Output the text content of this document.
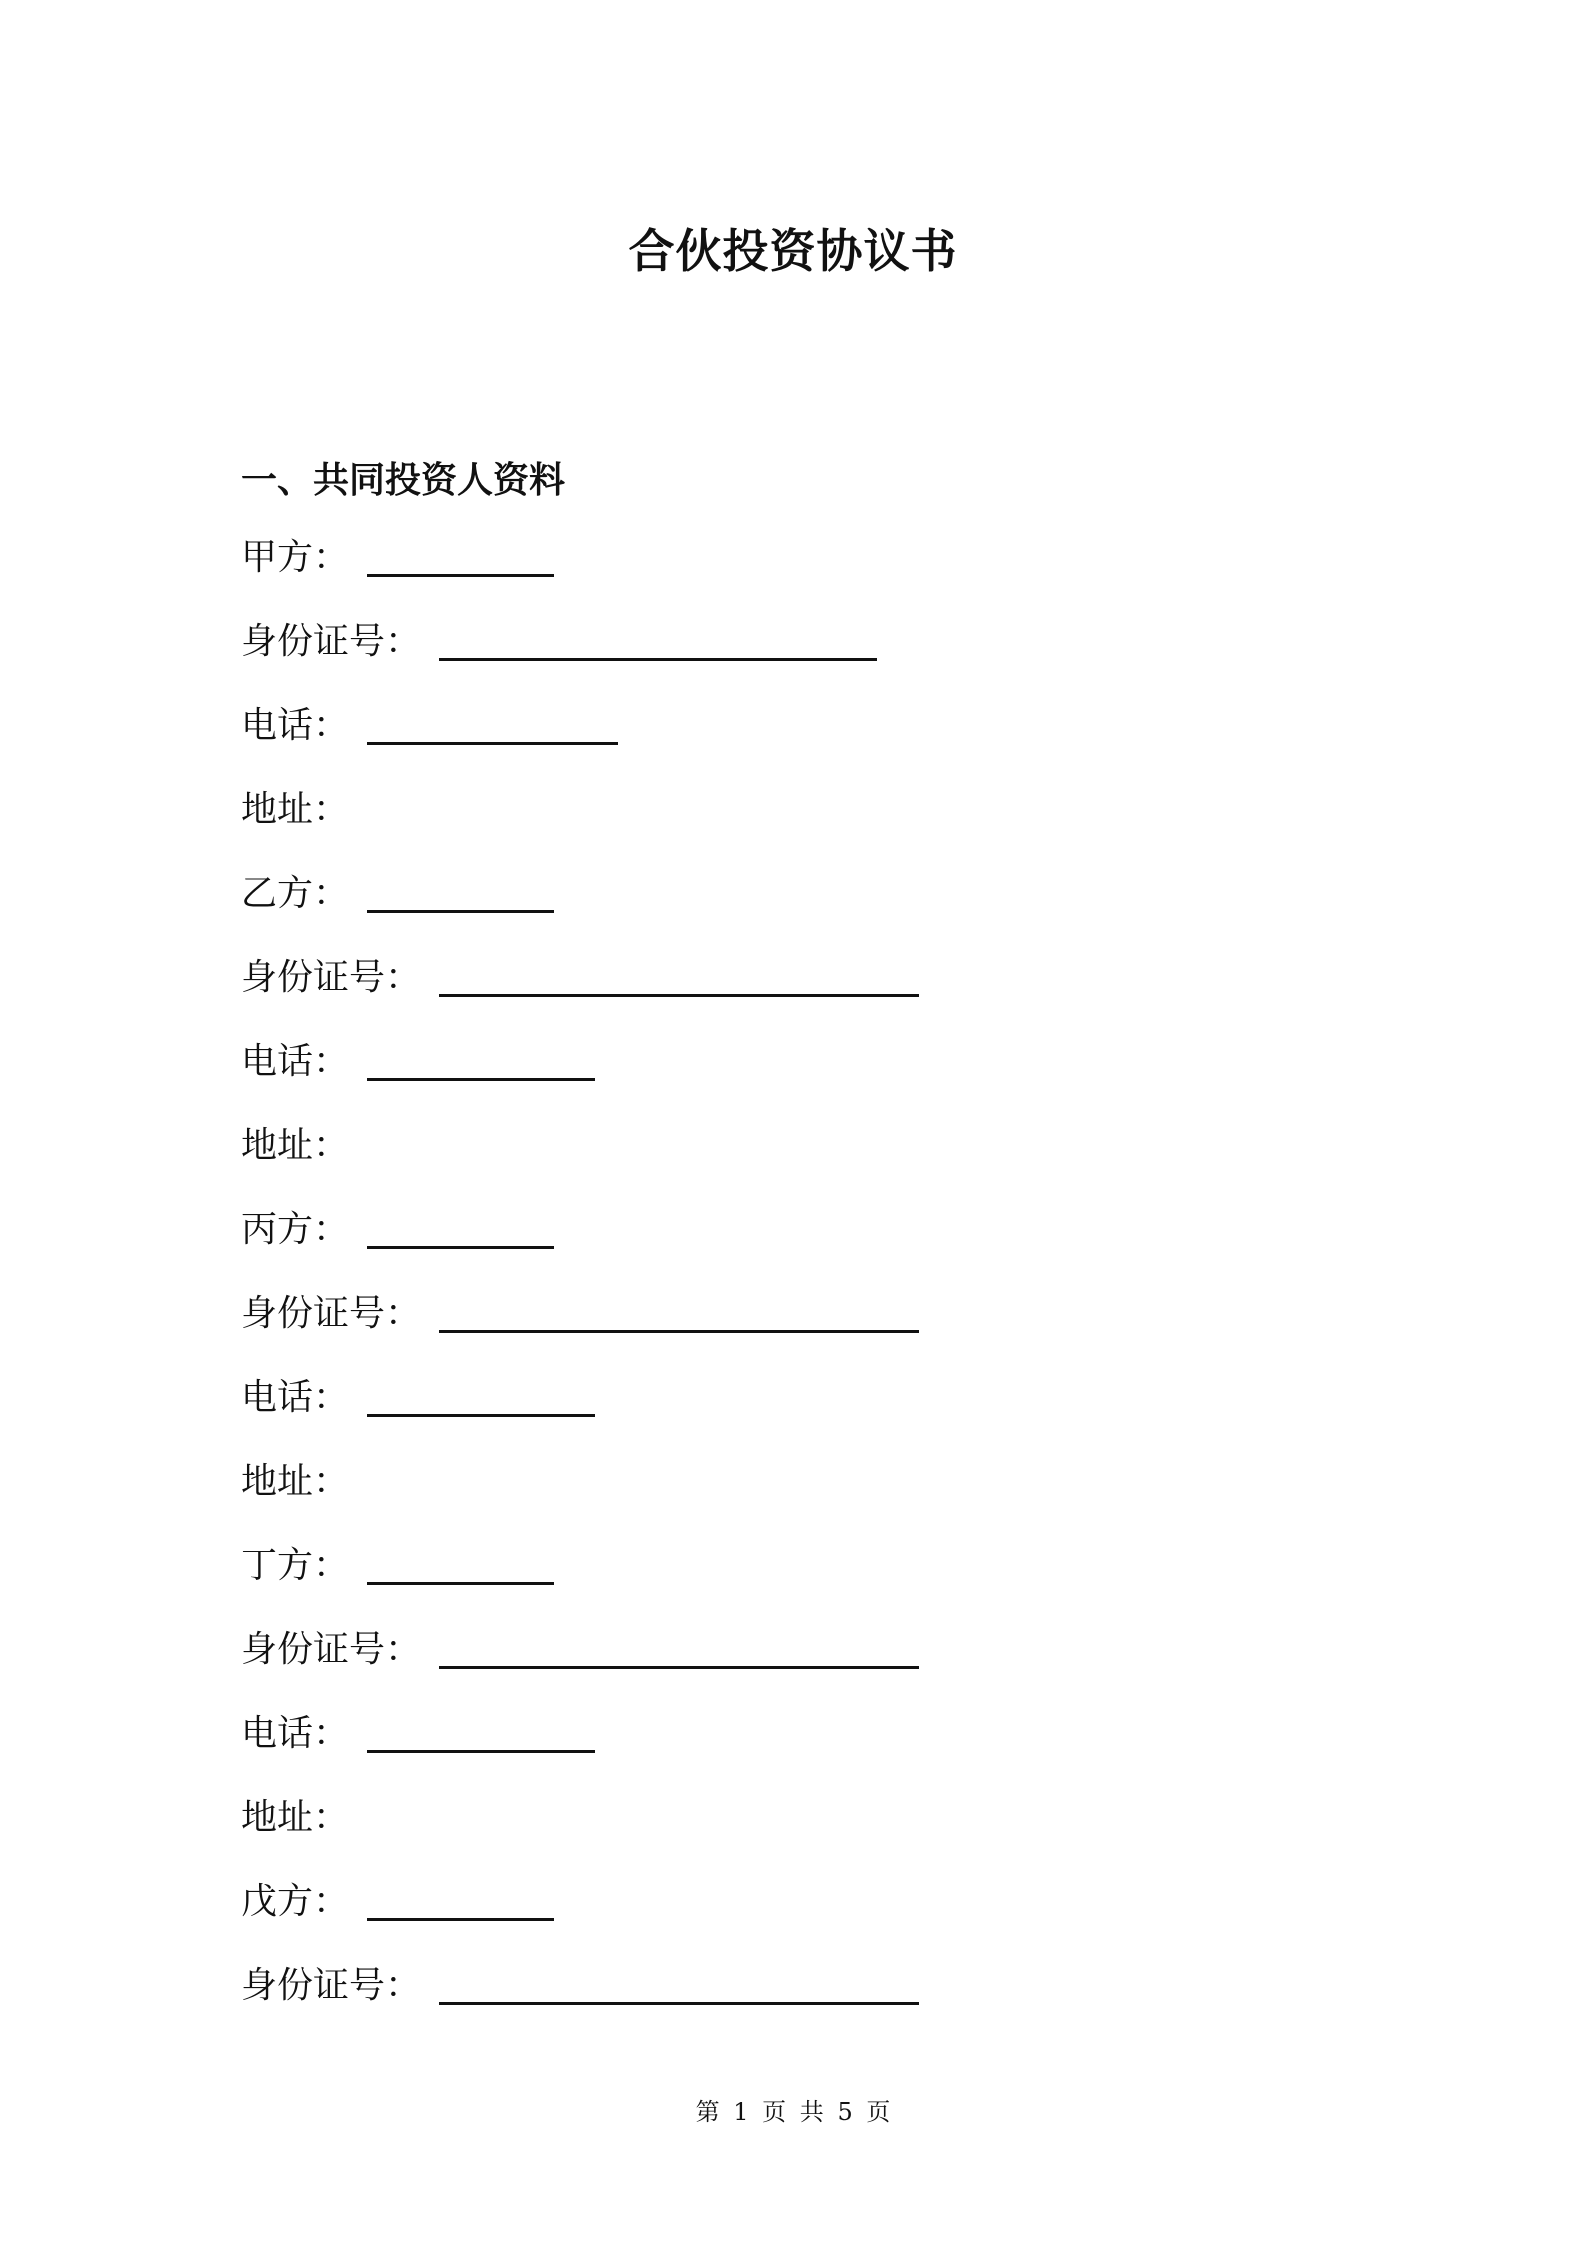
合伙投资协议书
一、共同投资人资料
甲方：
身份证号：
电话：
地址：
乙方：
身份证号：
电话：
地址：
丙方：
身份证号：
电话：
地址：
丁方：
身份证号：
电话：
地址：
戊方：
身份证号：
第 1 页 共 5 页
